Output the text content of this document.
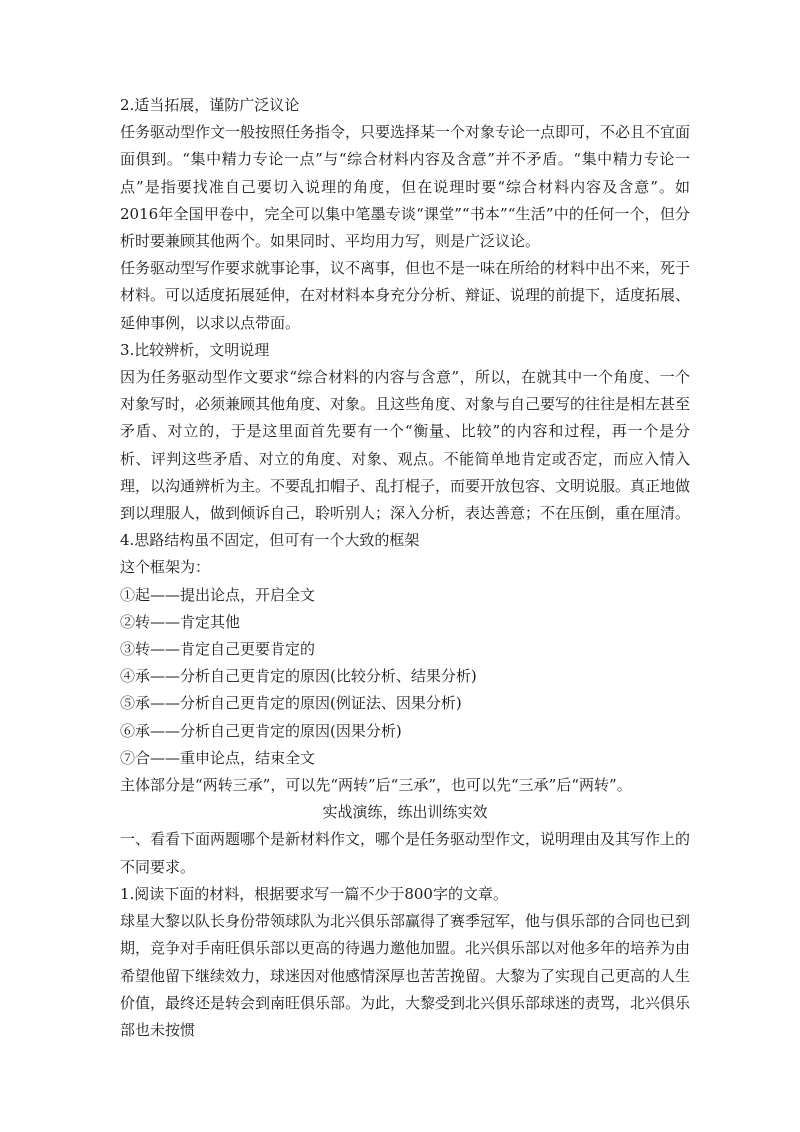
2.适当拓展，谨防广泛议论

任务驱动型作文一般按照任务指令，只要选择某一个对象专论一点即可，不必且不宜面面俱到。“集中精力专论一点”与“综合材料内容及含意”并不矛盾。“集中精力专论一点”是指要找准自己要切入说理的角度，但在说理时要“综合材料内容及含意”。如2016年全国甲卷中，完全可以集中笔墨专谈“课堂”“书本”“生活”中的任何一个，但分析时要兼顾其他两个。如果同时、平均用力写，则是广泛议论。

任务驱动型写作要求就事论事，议不离事，但也不是一味在所给的材料中出不来，死于材料。可以适度拓展延伸，在对材料本身充分分析、辩证、说理的前提下，适度拓展、延伸事例，以求以点带面。

3.比较辨析，文明说理

因为任务驱动型作文要求“综合材料的内容与含意”，所以，在就其中一个角度、一个对象写时，必须兼顾其他角度、对象。且这些角度、对象与自己要写的往往是相左甚至矛盾、对立的，于是这里面首先要有一个“衡量、比较”的内容和过程，再一个是分析、评判这些矛盾、对立的角度、对象、观点。不能简单地肯定或否定，而应入情入理，以沟通辨析为主。不要乱扣帽子、乱打棍子，而要开放包容、文明说服。真正地做到以理服人，做到倾诉自己，聆听别人；深入分析，表达善意；不在压倒，重在厘清。

4.思路结构虽不固定，但可有一个大致的框架

这个框架为：

①起——提出论点，开启全文

②转——肯定其他

③转——肯定自己更要肯定的

④承——分析自己更肯定的原因(比较分析、结果分析)

⑤承——分析自己更肯定的原因(例证法、因果分析)

⑥承——分析自己更肯定的原因(因果分析)

⑦合——重申论点，结束全文

主体部分是“两转三承”，可以先“两转”后“三承”，也可以先“三承”后“两转”。

实战演练，练出训练实效

一、看看下面两题哪个是新材料作文，哪个是任务驱动型作文，说明理由及其写作上的不同要求。

1.阅读下面的材料，根据要求写一篇不少于800字的文章。

球星大黎以队长身份带领球队为北兴俱乐部赢得了赛季冠军，他与俱乐部的合同也已到期，竞争对手南旺俱乐部以更高的待遇力邀他加盟。北兴俱乐部以对他多年的培养为由希望他留下继续效力，球迷因对他感情深厚也苦苦挽留。大黎为了实现自己更高的人生价值，最终还是转会到南旺俱乐部。为此，大黎受到北兴俱乐部球迷的责骂，北兴俱乐部也未按惯
